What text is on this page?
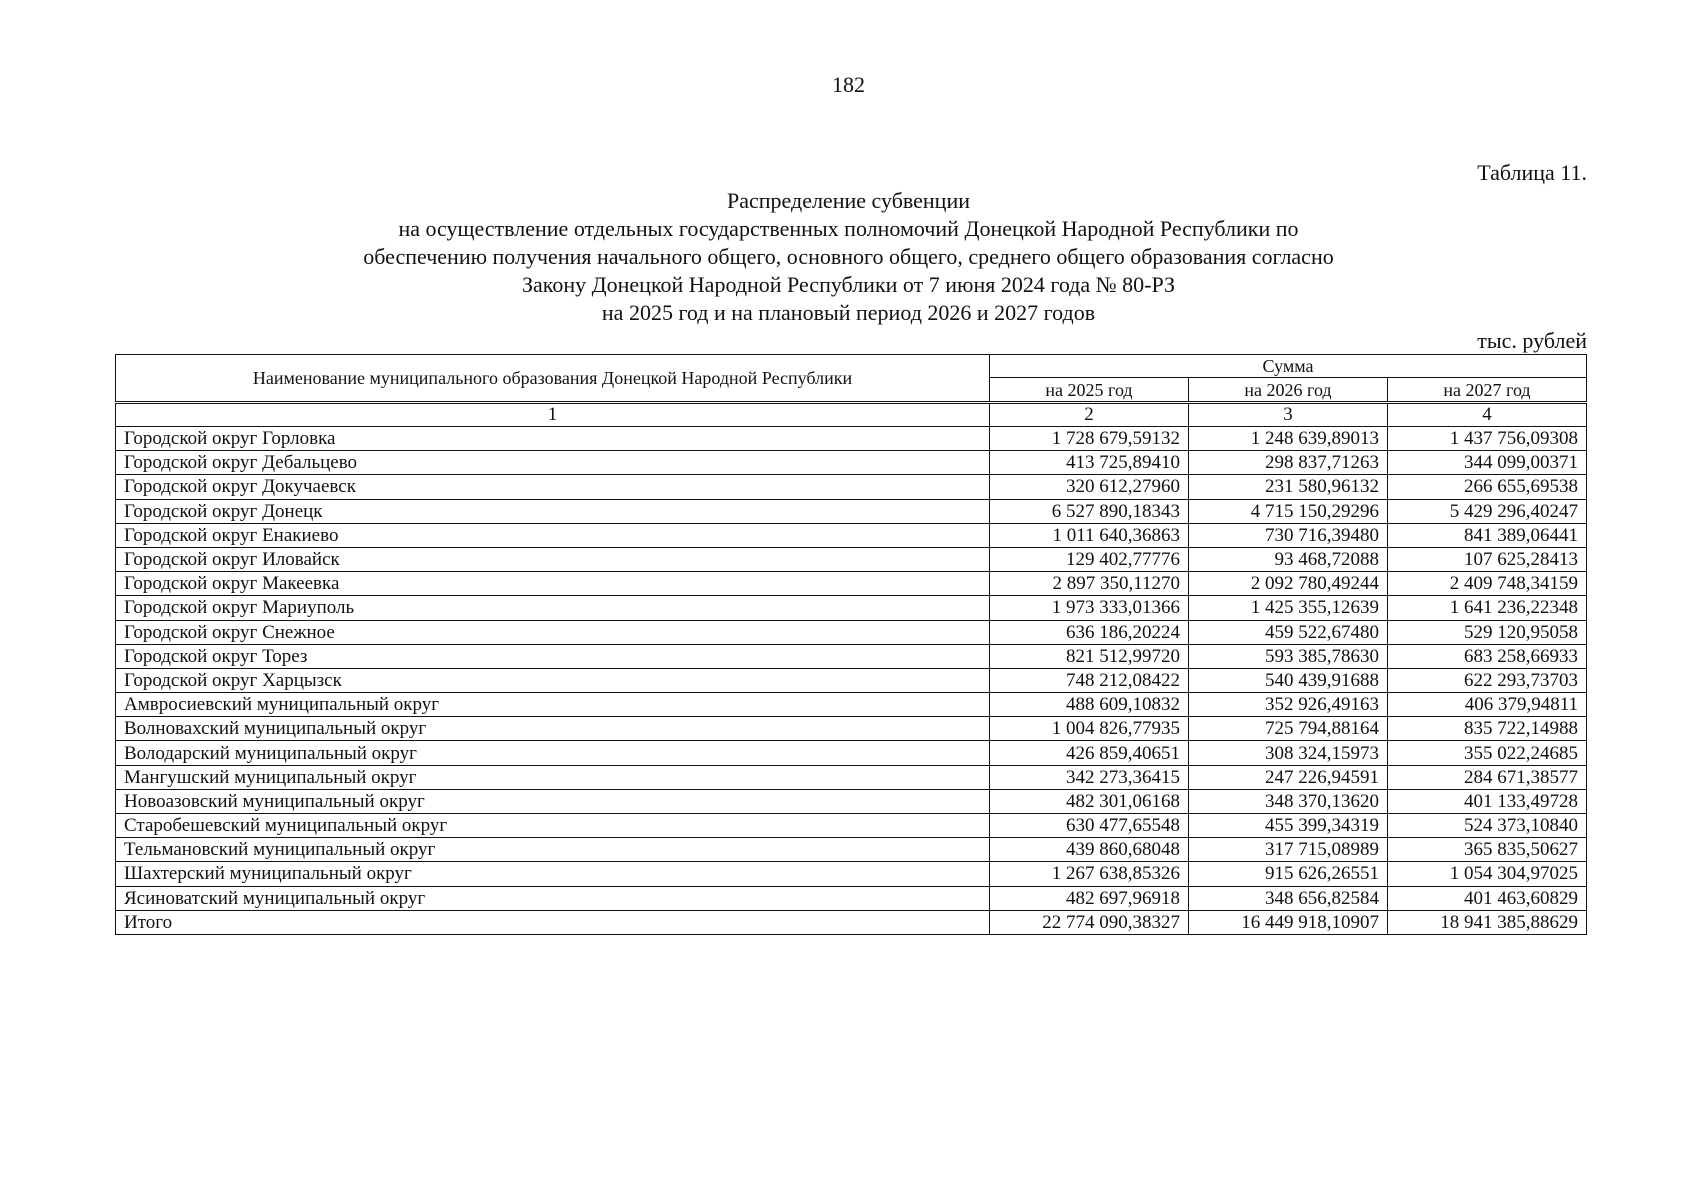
182
Таблица 11.
Распределение субвенции
на осуществление отдельных государственных полномочий Донецкой Народной Республики по
обеспечению получения начального общего, основного общего, среднего общего образования согласно
Закону Донецкой Народной Республики от 7 июня 2024 года № 80-РЗ
на 2025 год и на плановый период 2026 и 2027 годов
тыс. рублей
Наименование муниципального образования Донецкой Народной Республики	Сумма		
	на 2025 год	на 2026 год	на 2027 год
1	2	3	4
Городской округ Горловка	1 728 679,59132	1 248 639,89013	1 437 756,09308
Городской округ Дебальцево	413 725,89410	298 837,71263	344 099,00371
Городской округ Докучаевск	320 612,27960	231 580,96132	266 655,69538
Городской округ Донецк	6 527 890,18343	4 715 150,29296	5 429 296,40247
Городской округ Енакиево	1 011 640,36863	730 716,39480	841 389,06441
Городской округ Иловайск	129 402,77776	93 468,72088	107 625,28413
Городской округ Макеевка	2 897 350,11270	2 092 780,49244	2 409 748,34159
Городской округ Мариуполь	1 973 333,01366	1 425 355,12639	1 641 236,22348
Городской округ Снежное	636 186,20224	459 522,67480	529 120,95058
Городской округ Торез	821 512,99720	593 385,78630	683 258,66933
Городской округ Харцызск	748 212,08422	540 439,91688	622 293,73703
Амвросиевский муниципальный округ	488 609,10832	352 926,49163	406 379,94811
Волновахский муниципальный округ	1 004 826,77935	725 794,88164	835 722,14988
Володарский муниципальный округ	426 859,40651	308 324,15973	355 022,24685
Мангушский муниципальный округ	342 273,36415	247 226,94591	284 671,38577
Новоазовский муниципальный округ	482 301,06168	348 370,13620	401 133,49728
Старобешевский муниципальный округ	630 477,65548	455 399,34319	524 373,10840
Тельмановский муниципальный округ	439 860,68048	317 715,08989	365 835,50627
Шахтерский муниципальный округ	1 267 638,85326	915 626,26551	1 054 304,97025
Ясиноватский муниципальный округ	482 697,96918	348 656,82584	401 463,60829
Итого	22 774 090,38327	16 449 918,10907	18 941 385,88629
